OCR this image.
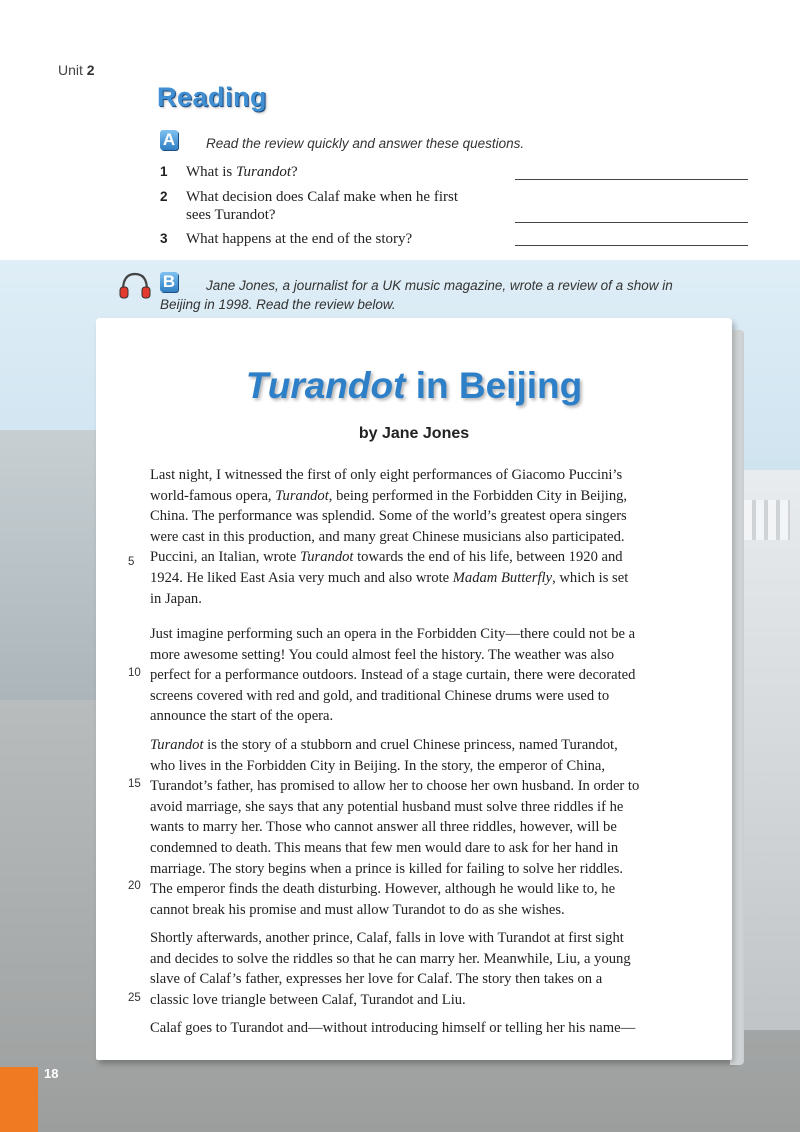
Unit 2
Reading
A Read the review quickly and answer these questions.
1 What is Turandot?
2 What decision does Calaf make when he first
sees Turandot?
3 What happens at the end of the story?
B Jane Jones, a journalist for a UK music magazine, wrote a review of a show in
Beijing in 1998. Read the review below.
Turandot in Beijing
by Jane Jones
Last night, I witnessed the first of only eight performances of Giacomo Puccini’s
world-famous opera, Turandot, being performed in the Forbidden City in Beijing,
China. The performance was splendid. Some of the world’s greatest opera singers
were cast in this production, and many great Chinese musicians also participated.
Puccini, an Italian, wrote Turandot towards the end of his life, between 1920 and
1924. He liked East Asia very much and also wrote Madam Butterfly, which is set
in Japan.
Just imagine performing such an opera in the Forbidden City—there could not be a
more awesome setting! You could almost feel the history. The weather was also
perfect for a performance outdoors. Instead of a stage curtain, there were decorated
screens covered with red and gold, and traditional Chinese drums were used to
announce the start of the opera.
Turandot is the story of a stubborn and cruel Chinese princess, named Turandot,
who lives in the Forbidden City in Beijing. In the story, the emperor of China,
Turandot’s father, has promised to allow her to choose her own husband. In order to
avoid marriage, she says that any potential husband must solve three riddles if he
wants to marry her. Those who cannot answer all three riddles, however, will be
condemned to death. This means that few men would dare to ask for her hand in
marriage. The story begins when a prince is killed for failing to solve her riddles.
The emperor finds the death disturbing. However, although he would like to, he
cannot break his promise and must allow Turandot to do as she wishes.
Shortly afterwards, another prince, Calaf, falls in love with Turandot at first sight
and decides to solve the riddles so that he can marry her. Meanwhile, Liu, a young
slave of Calaf’s father, expresses her love for Calaf. The story then takes on a
classic love triangle between Calaf, Turandot and Liu.
Calaf goes to Turandot and—without introducing himself or telling her his name—
5
10
15
20
25
18
